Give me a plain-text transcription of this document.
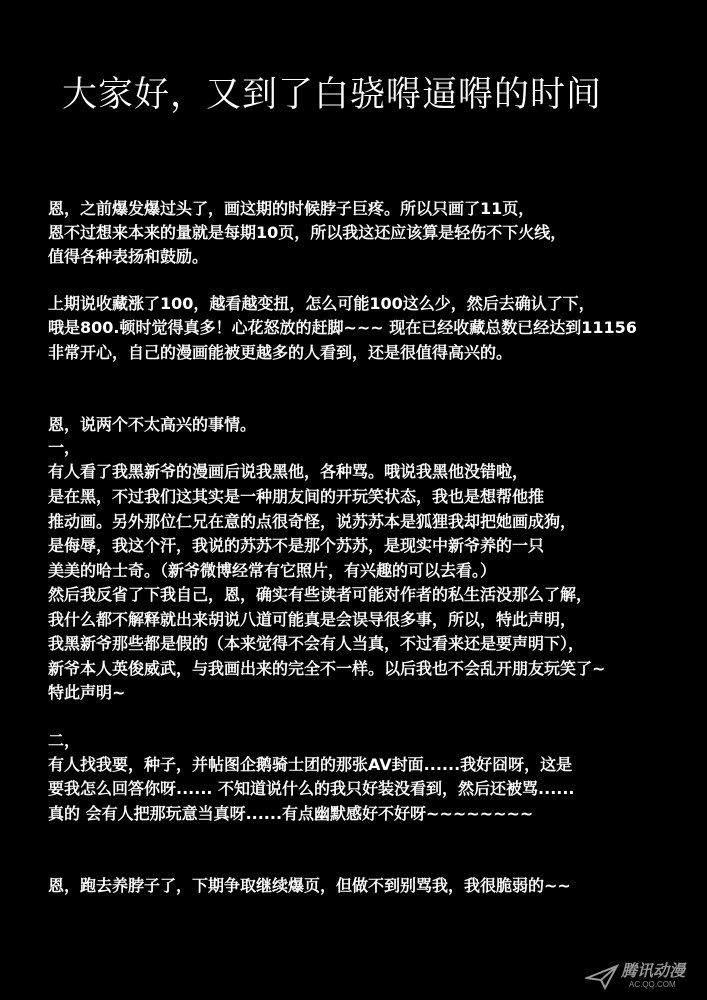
大家好，又到了白骁嘚逼嘚的时间
恩，之前爆发爆过头了，画这期的时候脖子巨疼。所以只画了11页，
恩不过想来本来的量就是每期10页，所以我这还应该算是轻伤不下火线，
值得各种表扬和鼓励。
上期说收藏涨了100，越看越变扭，怎么可能100这么少，然后去确认了下，
哦是800.顿时觉得真多！心花怒放的赶脚~~~ 现在已经收藏总数已经达到11156
非常开心，自己的漫画能被更越多的人看到，还是很值得高兴的。
恩，说两个不太高兴的事情。
一，
有人看了我黑新爷的漫画后说我黑他，各种骂。哦说我黑他没错啦，
是在黑，不过我们这其实是一种朋友间的开玩笑状态，我也是想帮他推
推动画。另外那位仁兄在意的点很奇怪，说苏苏本是狐狸我却把她画成狗，
是侮辱，我这个汗，我说的苏苏不是那个苏苏，是现实中新爷养的一只
美美的哈士奇。（新爷微博经常有它照片，有兴趣的可以去看。）
然后我反省了下我自己，恩，确实有些读者可能对作者的私生活没那么了解，
我什么都不解释就出来胡说八道可能真是会误导很多事，所以，特此声明，
我黑新爷那些都是假的（本来觉得不会有人当真，不过看来还是要声明下），
新爷本人英俊威武，与我画出来的完全不一样。以后我也不会乱开朋友玩笑了~
特此声明~
二，
有人找我要，种子，并帖图企鹅骑士团的那张AV封面......我好囧呀，这是
要我怎么回答你呀...... 不知道说什么的我只好装没看到，然后还被骂......
真的 会有人把那玩意当真呀......有点幽默感好不好呀~~~~~~~~
恩，跑去养脖子了，下期争取继续爆页，但做不到别骂我，我很脆弱的~~
腾讯动漫
AC.QQ.COM
